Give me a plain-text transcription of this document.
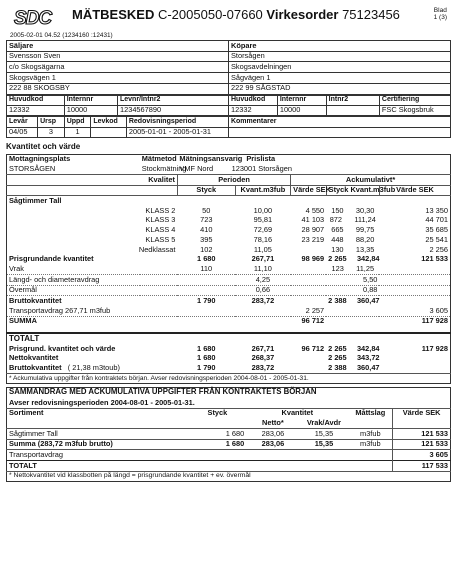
SDC MÄTBESKED C-2005050-07660 Virkesorder 75123456	Blad
1 (3)
2005-02-01 04.52 (1234160 :12431)
Säljare	Köpare
Svensson Sven	Storsågen
c/o Skogsägarna	Skogsavdelningen
Skogsvägen 1	Sågvägen 1
222 88 SKOGSBY	222 99 SÅGSTAD
Huvudkod	Internnr	Levnr/Intnr2	Huvudkod	Internnr	Intnr2	Certifiering
12332	10000	1234567890	12332	10000		FSC Skogsbruk
Levår	Ursp	Uppd	Levkod	Redovisningsperiod	Kommentarer
04/05	3	1		2005-01-01 - 2005-01-31	
Kvantitet och värde
Mottagningsplats	Mätmetod	Mätningsansvarig Prislista				
STORSÅGEN	Stockmätning	VMF Nord 123001 Storsågen				
Kvalitet		Perioden		Ackumulativt*		
		Styck	Kvant.m3fub	Värde SEK	Styck Kvant.m3fub	Värde SEK
Sågtimmer Tall						
KLASS 2		50	10,00	4 550	150 30,30	13 350
KLASS 3		723	95,81	41 103	872 111,24	44 701
KLASS 4		410	72,69	28 907	665 99,75	35 685
KLASS 5		395	78,16	23 219	448 88,20	25 541
Nedklassat		102	11,05		130 13,35	2 256
Prisgrundande kvantitet		1 680	267,71	98 969	2 265 342,84	121 533
Vrak		110	11,10		123 11,25	
Längd- och diameteravdrag			4,25		5,50	
Övermål			0,66		0,88	
Bruttokvantitet		1 790	283,72		2 388 360,47	
Transportavdrag 267,71 m3fub				2 257		3 605
SUMMA				96 712		117 928

TOTALT						
Prisgrund. kvantitet och värde		1 680	267,71	96 712	2 265 342,84	117 928
Nettokvantitet		1 680	268,37		2 265 343,72	
Bruttokvantitet ( 21,38 m3toub)		1 790	283,72		2 388 360,47	
* Ackumulativa uppgifter från kontraktets början. Avser redovisningsperioden 2004-08-01 - 2005-01-31.						
SAMMANDRAG MED ACKUMULATIVA UPPGIFTER FRÅN KONTRAKTETS BÖRJAN					
Avser redovisningsperioden 2004-08-01 - 2005-01-31.					
Sortiment	Styck	Kvantitet		Måttslag	Värde SEK
		Netto*	Vrak/Avdr		
Sågtimmer Tall	1 680	283,06	15,35	m3fub	121 533
Summa (283,72 m3fub brutto)	1 680	283,06	15,35	m3fub	121 533
Transportavdrag					3 605
TOTALT					117 533
* Nettokvantitet vid klassbotten på längd = prisgrundande kvantitet + ev. övermål					
